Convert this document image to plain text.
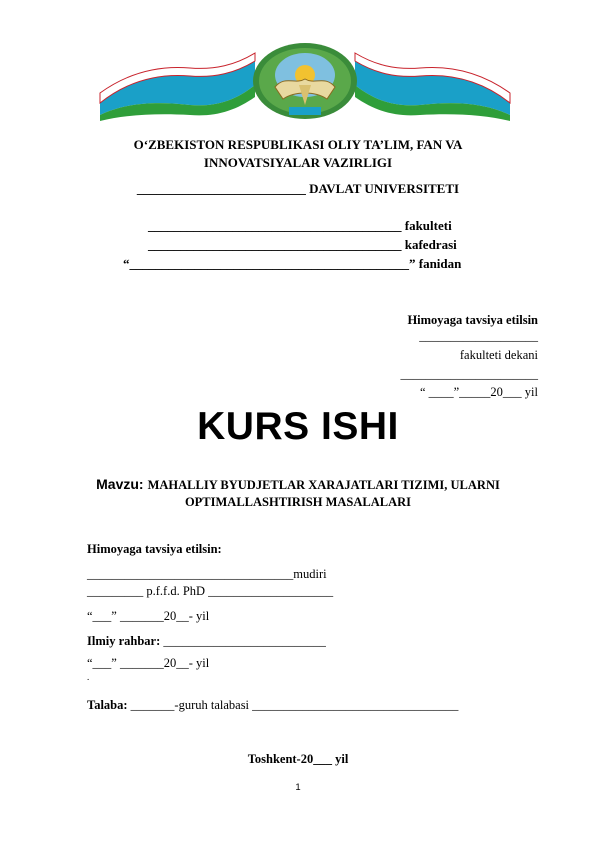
O‘ZBEKISTON RESPUBLIKASI OLIY TA’LIM, FAN VA
INNOVATSIYALAR VAZIRLIGI
__________________________ DAVLAT UNIVERSITETI
_______________________________________ fakulteti
_______________________________________ kafedrasi
“___________________________________________” fanidan
Himoyaga tavsiya etilsin
___________________
fakulteti dekani
______________________
“ ____”_____20___ yil
KURS ISHI
Mavzu: MAHALLIY BYUDJETLAR XARAJATLARI TIZIMI, ULARNI
OPTIMALLASHTIRISH MASALALARI
Himoyaga tavsiya etilsin:
_________________________________mudiri
_________ p.f.f.d. PhD ____________________
“___” _______20__- yil
Ilmiy rahbar: __________________________
“___” _______20__- yil
.
Talaba: _______-guruh talabasi _________________________________
Toshkent-20___ yil
1
